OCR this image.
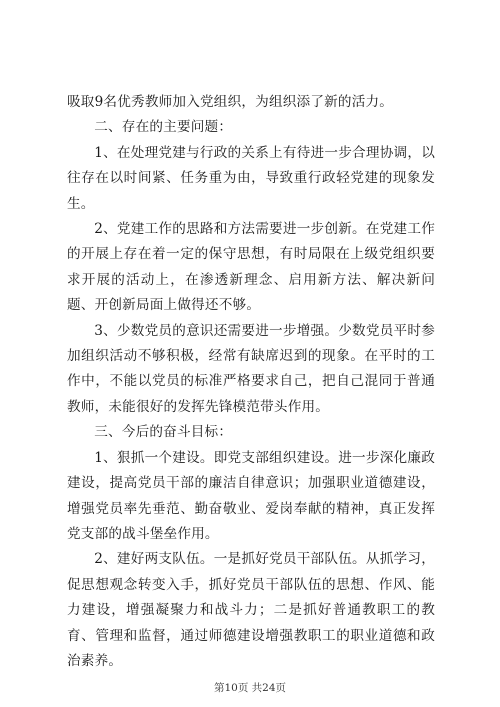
吸取9名优秀教师加入党组织，为组织添了新的活力。

二、存在的主要问题：

1、在处理党建与行政的关系上有待进一步合理协调，以往存在以时间紧、任务重为由，导致重行政轻党建的现象发生。

2、党建工作的思路和方法需要进一步创新。在党建工作的开展上存在着一定的保守思想，有时局限在上级党组织要求开展的活动上，在渗透新理念、启用新方法、解决新问题、开创新局面上做得还不够。

3、少数党员的意识还需要进一步增强。少数党员平时参加组织活动不够积极，经常有缺席迟到的现象。在平时的工作中，不能以党员的标准严格要求自己，把自己混同于普通教师，未能很好的发挥先锋模范带头作用。

三、今后的奋斗目标：

1、狠抓一个建设。即党支部组织建设。进一步深化廉政建设，提高党员干部的廉洁自律意识；加强职业道德建设，增强党员率先垂范、勤奋敬业、爱岗奉献的精神，真正发挥党支部的战斗堡垒作用。

2、建好两支队伍。一是抓好党员干部队伍。从抓学习，促思想观念转变入手，抓好党员干部队伍的思想、作风、能力建设，增强凝聚力和战斗力；二是抓好普通教职工的教育、管理和监督，通过师德建设增强教职工的职业道德和政治素养。

第10页 共24页
